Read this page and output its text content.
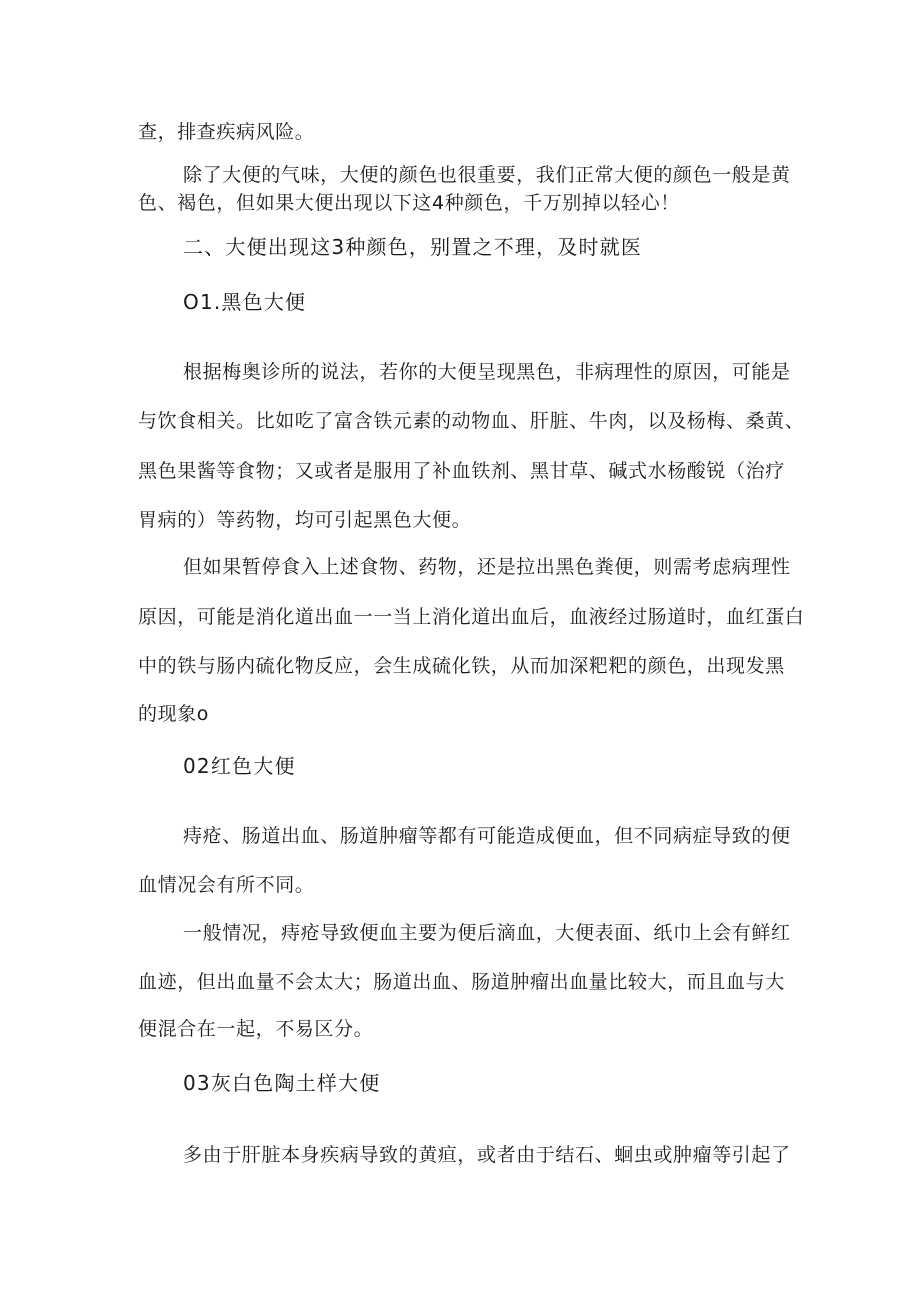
查，排查疾病风险。
除了大便的气味，大便的颜色也很重要，我们正常大便的颜色一般是黄
色、褐色，但如果大便出现以下这4种颜色，千万别掉以轻心！
二、大便出现这3种颜色，别置之不理，及时就医
O1.黑色大便
根据梅奥诊所的说法，若你的大便呈现黑色，非病理性的原因，可能是
与饮食相关。比如吃了富含铁元素的动物血、肝脏、牛肉，以及杨梅、桑黄、
黑色果酱等食物；又或者是服用了补血铁剂、黑甘草、碱式水杨酸锐（治疗
胃病的）等药物，均可引起黑色大便。
但如果暂停食入上述食物、药物，还是拉出黑色粪便，则需考虑病理性
原因，可能是消化道出血一一当上消化道出血后，血液经过肠道时，血红蛋白
中的铁与肠内硫化物反应，会生成硫化铁，从而加深粑粑的颜色，出现发黑
的现象o
02红色大便
痔疮、肠道出血、肠道肿瘤等都有可能造成便血，但不同病症导致的便
血情况会有所不同。
一般情况，痔疮导致便血主要为便后滴血，大便表面、纸巾上会有鲜红
血迹，但出血量不会太大；肠道出血、肠道肿瘤出血量比较大，而且血与大
便混合在一起，不易区分。
03灰白色陶土样大便
多由于肝脏本身疾病导致的黄疸，或者由于结石、蛔虫或肿瘤等引起了
